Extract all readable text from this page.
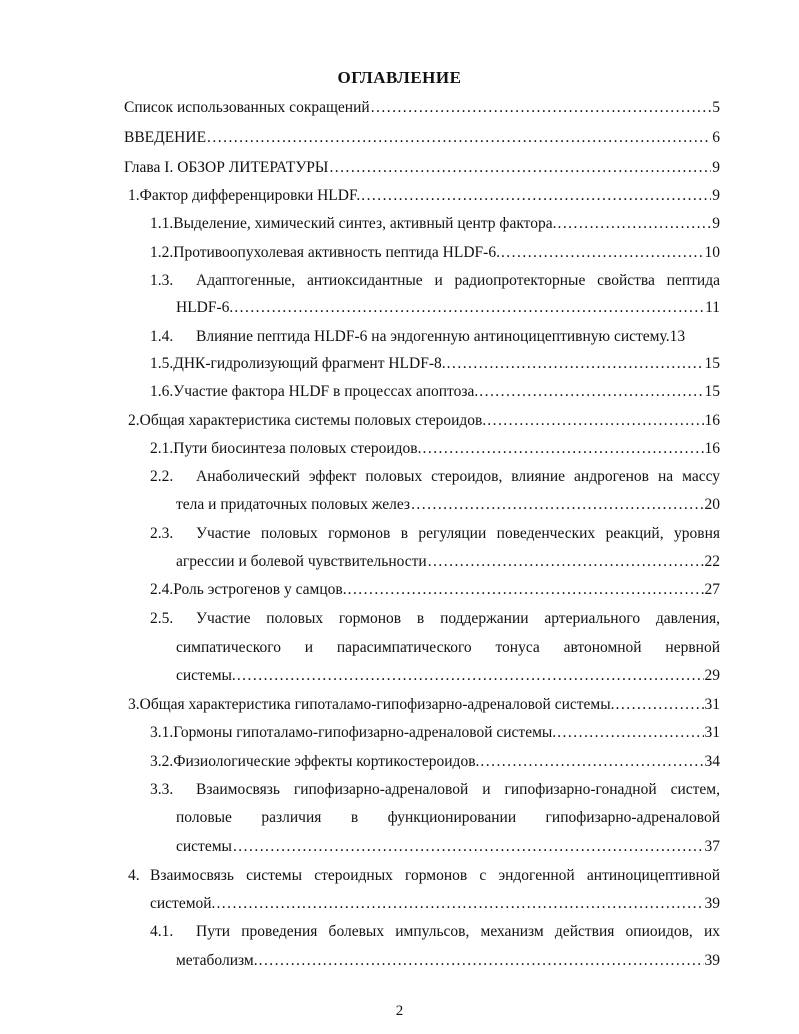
ОГЛАВЛЕНИЕ
Список использованных сокращений . . .	5
ВВЕДЕНИЕ . . .	6
Глава I. ОБЗОР ЛИТЕРАТУРЫ . . .	9
1. Фактор дифференцировки HLDF. . . .	9
1.1. Выделение, химический синтез, активный центр фактора. . . .	9
1.2. Противоопухолевая активность пептида HLDF-6. . . .	10
1.3.	Адаптогенные, антиоксидантные и радиопротекторные свойства пептида
HLDF-6. . . .	11
1.4.	Влияние пептида HLDF-6 на эндогенную антиноцицептивную систему. 13
1.5. ДНК-гидролизующий фрагмент HLDF-8. . . .	15
1.6. Участие фактора HLDF в процессах апоптоза. . . .	15
2. Общая характеристика системы половых стероидов. . . .	16
2.1. Пути биосинтеза половых стероидов. . . .	16
2.2.	Анаболический эффект половых стероидов, влияние андрогенов на массу
тела и придаточных половых желез . . .	20
2.3.	Участие половых гормонов в регуляции поведенческих реакций, уровня
агрессии и болевой чувствительности . . .	22
2.4. Роль эстрогенов у самцов. . . .	27
2.5.	Участие половых гормонов в поддержании артериального давления,
симпатического и парасимпатического тонуса автономной нервной
системы. . . .	29
3. Общая характеристика гипоталамо-гипофизарно-адреналовой системы. . . .	31
3.1. Гормоны гипоталамо-гипофизарно-адреналовой системы. . . .	31
3.2. Физиологические эффекты кортикостероидов. . . .	34
3.3.	Взаимосвязь гипофизарно-адреналовой и гипофизарно-гонадной систем,
половые различия в функционировании гипофизарно-адреналовой
системы . . .	37
4. Взаимосвязь системы стероидных гормонов с эндогенной антиноцицептивной
системой. . . .	39
4.1.	Пути проведения болевых импульсов, механизм действия опиоидов, их
метаболизм. . . .	39
2
